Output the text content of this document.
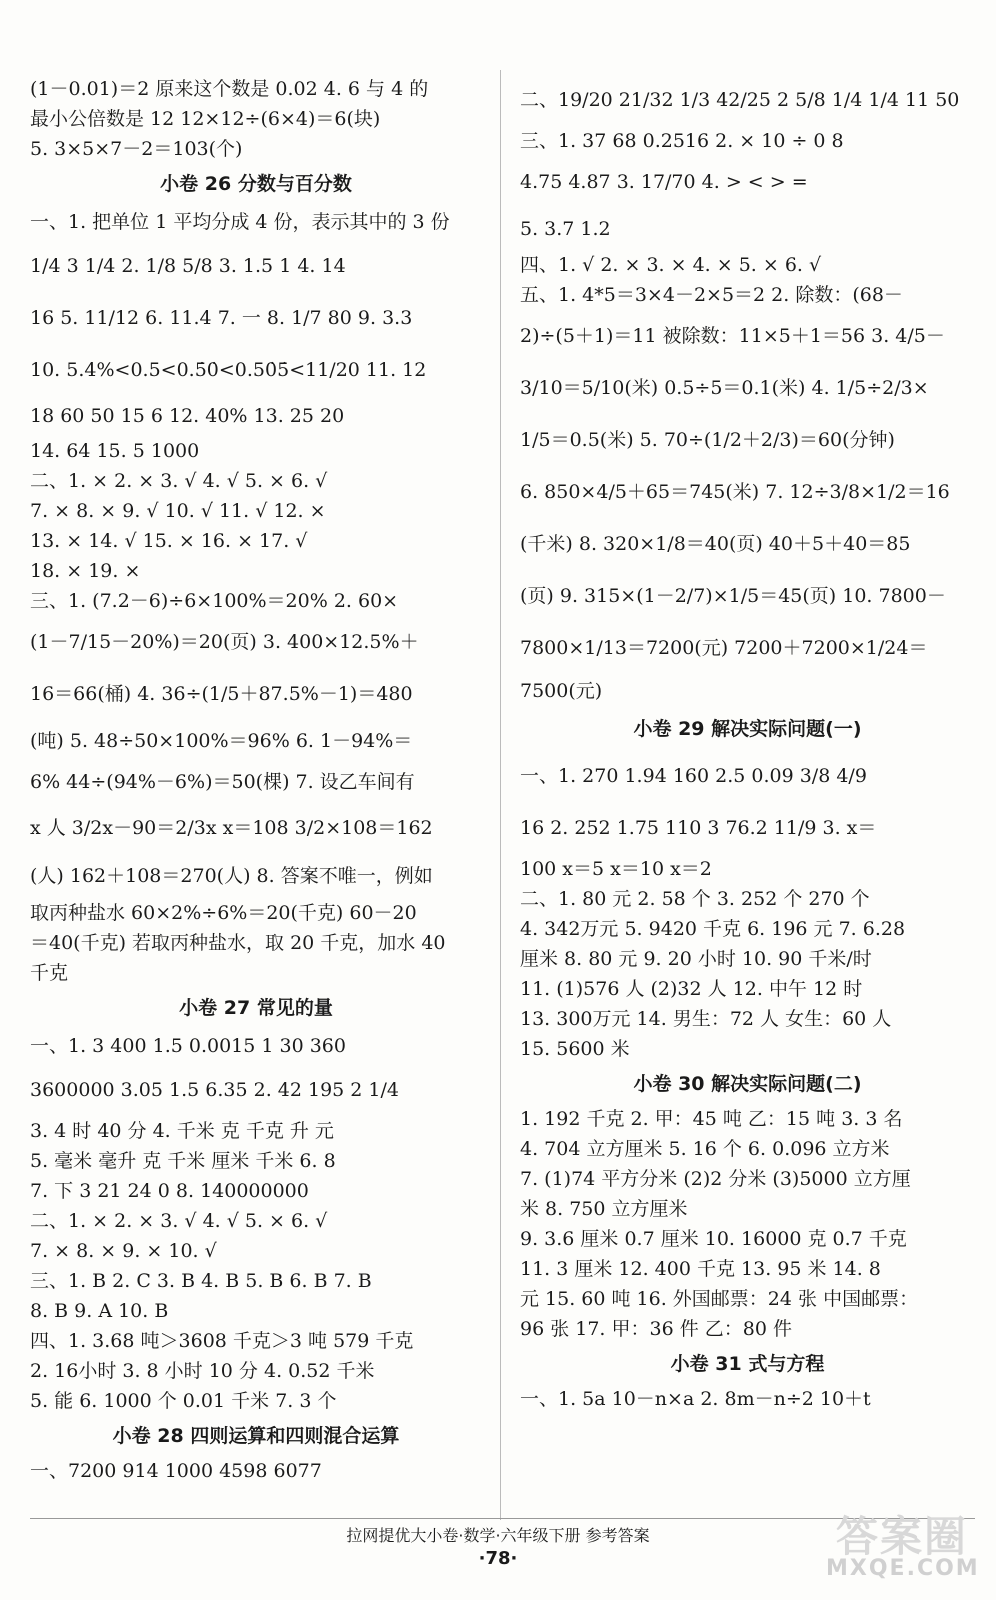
(1－0.01)＝2 原来这个数是 0.02 4. 6 与 4 的
最小公倍数是 12 12×12÷(6×4)＝6(块)
5. 3×5×7－2＝103(个)
小卷 26 分数与百分数
一、1. 把单位 1 平均分成 4 份，表示其中的 3 份
1/4 3 1/4 2. 1/8 5/8 3. 1.5 1 4. 14
16 5. 11/12 6. 11.4 7. 一 8. 1/7 80 9. 3.3
10. 5.4%<0.5<0.5̇0̇<0.50̇5̇<11/20 11. 12
18 60 50 15 6 12. 40% 13. 25 20
14. 64 15. 5 1000
二、1. × 2. × 3. √ 4. √ 5. × 6. √
7. × 8. × 9. √ 10. √ 11. √ 12. ×
13. × 14. √ 15. × 16. × 17. √
18. × 19. ×
三、1. (7.2－6)÷6×100%＝20% 2. 60×
(1－7/15－20%)＝20(页) 3. 400×12.5%＋
16＝66(桶) 4. 36÷(1/5＋87.5%－1)＝480
(吨) 5. 48÷50×100%＝96% 6. 1－94%＝
6% 44÷(94%－6%)＝50(棵) 7. 设乙车间有
x 人 3/2x－90＝2/3x x＝108 3/2×108＝162
(人) 162＋108＝270(人) 8. 答案不唯一，例如
取丙种盐水 60×2%÷6%＝20(千克) 60－20
＝40(千克) 若取丙种盐水，取 20 千克，加水 40
千克
小卷 27 常见的量
一、1. 3 400 1.5 0.0015 1 30 360
3600000 3.05 1.5 6.35 2. 42 195 2 1/4
3. 4 时 40 分 4. 千米 克 千克 升 元
5. 毫米 毫升 克 千米 厘米 千米 6. 8
7. 下 3 21 24 0 8. 140000000
二、1. × 2. × 3. √ 4. √ 5. × 6. √
7. × 8. × 9. × 10. √
三、1. B 2. C 3. B 4. B 5. B 6. B 7. B
8. B 9. A 10. B
四、1. 3.68 吨＞3608 千克＞3 吨 579 千克
2. 16小时 3. 8 小时 10 分 4. 0.52 千米
5. 能 6. 1000 个 0.01 千米 7. 3 个
小卷 28 四则运算和四则混合运算
一、7200 914 1000 4598 6077
二、19/20 21/32 1/3 42/25 2 5/8 1/4 1/4 11 50
三、1. 37 68 0.2516 2. × 10 ÷ 0 8
4.75 4.87 3. 17/70 4. > < > =
5. 3.7 1.2
四、1. √ 2. × 3. × 4. × 5. × 6. √
五、1. 4*5＝3×4－2×5＝2 2. 除数：(68－
2)÷(5＋1)＝11 被除数：11×5＋1＝56 3. 4/5－
3/10＝5/10(米) 0.5÷5＝0.1(米) 4. 1/5÷2/3×
1/5＝0.5(米) 5. 70÷(1/2＋2/3)＝60(分钟)
6. 850×4/5＋65＝745(米) 7. 12÷3/8×1/2＝16
(千米) 8. 320×1/8＝40(页) 40＋5＋40＝85
(页) 9. 315×(1－2/7)×1/5＝45(页) 10. 7800－
7800×1/13＝7200(元) 7200＋7200×1/24＝
7500(元)
小卷 29 解决实际问题(一)
一、1. 270 1.94 160 2.5 0.09 3/8 4/9
16 2. 252 1.75 110 3 76.2 11/9 3. x＝
100 x＝5 x＝10 x＝2
二、1. 80 元 2. 58 个 3. 252 个 270 个
4. 342万元 5. 9420 千克 6. 196 元 7. 6.28
厘米 8. 80 元 9. 20 小时 10. 90 千米/时
11. (1)576 人 (2)32 人 12. 中午 12 时
13. 300万元 14. 男生：72 人 女生：60 人
15. 5600 米
小卷 30 解决实际问题(二)
1. 192 千克 2. 甲：45 吨 乙：15 吨 3. 3 名
4. 704 立方厘米 5. 16 个 6. 0.096 立方米
7. (1)74 平方分米 (2)2 分米 (3)5000 立方厘
米 8. 750 立方厘米
9. 3.6 厘米 0.7 厘米 10. 16000 克 0.7 千克
11. 3 厘米 12. 400 千克 13. 95 米 14. 8
元 15. 60 吨 16. 外国邮票：24 张 中国邮票：
96 张 17. 甲：36 件 乙：80 件
小卷 31 式与方程
一、1. 5a 10－n×a 2. 8m－n÷2 10＋t
拉网提优大小卷·数学·六年级下册 参考答案
·78·	答案圈
MXQE.COM
